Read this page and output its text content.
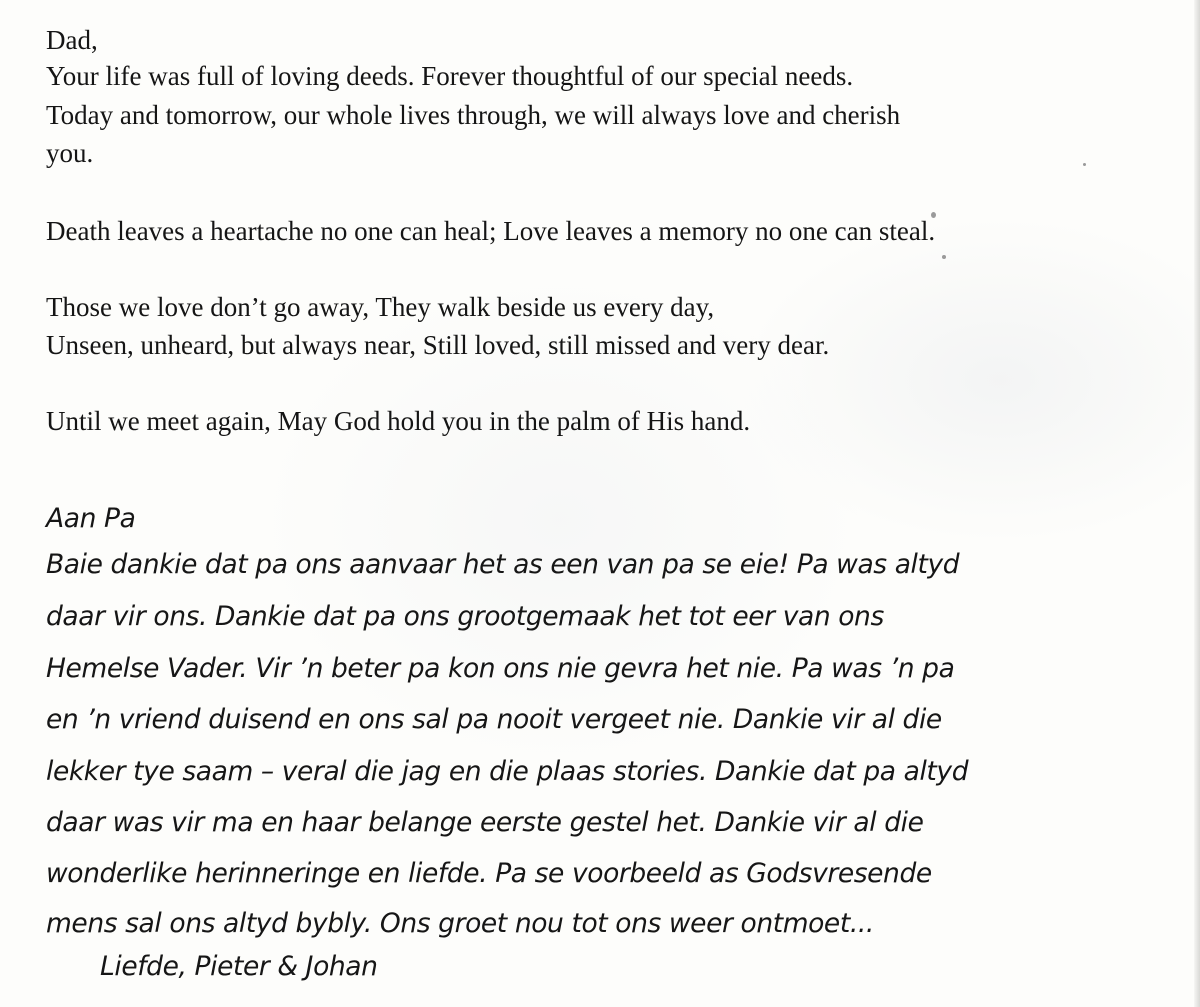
Dad,

Your life was full of loving deeds. Forever thoughtful of our special needs.

Today and tomorrow, our whole lives through, we will always love and cherish

you.

Death leaves a heartache no one can heal; Love leaves a memory no one can steal.

Those we love don’t go away, They walk beside us every day,

Unseen, unheard, but always near, Still loved, still missed and very dear.

Until we meet again, May God hold you in the palm of His hand.

Aan Pa

Baie dankie dat pa ons aanvaar het as een van pa se eie! Pa was altyd

daar vir ons. Dankie dat pa ons grootgemaak het tot eer van ons

Hemelse Vader. Vir ’n beter pa kon ons nie gevra het nie. Pa was ’n pa

en ’n vriend duisend en ons sal pa nooit vergeet nie. Dankie vir al die

lekker tye saam – veral die jag en die plaas stories. Dankie dat pa altyd

daar was vir ma en haar belange eerste gestel het. Dankie vir al die

wonderlike herinneringe en liefde. Pa se voorbeeld as Godsvresende

mens sal ons altyd bybly. Ons groet nou tot ons weer ontmoet...

Liefde, Pieter & Johan
